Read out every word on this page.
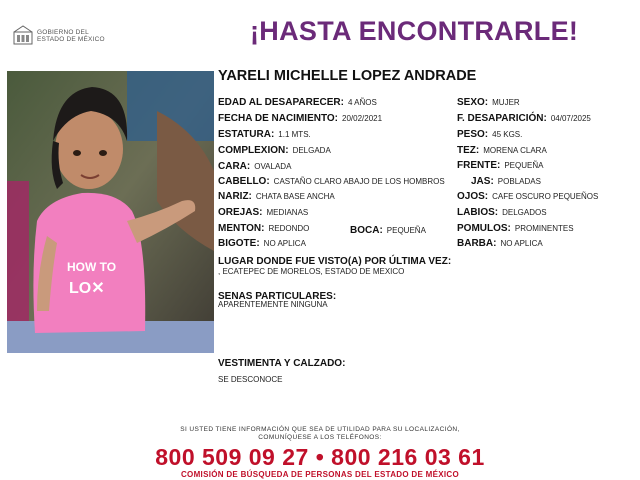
GOBIERNO DEL
ESTADO DE MÉXICO	¡HASTA ENCONTRARLE!
HOW TO
LO✕
YARELI MICHELLE LOPEZ ANDRADE
EDAD AL DESAPARECER: 4 AÑOS
FECHA DE NACIMIENTO: 20/02/2021
ESTATURA: 1.1 MTS.
COMPLEXION: DELGADA
CARA: OVALADA
CABELLO: CASTAÑO CLARO ABAJO DE LOS HOMBROS
NARIZ: CHATA BASE ANCHA
OREJAS: MEDIANAS
MENTON: REDONDO	BOCA: PEQUEÑA
BIGOTE: NO APLICA
SEXO: MUJER
F. DESAPARICIÓN: 04/07/2025
PESO: 45 KGS.
TEZ: MORENA CLARA
FRENTE: PEQUEÑA
JAS: POBLADAS
OJOS: CAFE OSCURO PEQUEÑOS
LABIOS: DELGADOS
POMULOS: PROMINENTES
BARBA: NO APLICA
LUGAR DONDE FUE VISTO(A) POR ÚLTIMA VEZ:
, ECATEPEC DE MORELOS, ESTADO DE MEXICO
SENAS PARTICULARES:
APARENTEMENTE NINGUNA
VESTIMENTA Y CALZADO:
SE DESCONOCE
SI USTED TIENE INFORMACIÓN QUE SEA DE UTILIDAD PARA SU LOCALIZACIÓN,
COMUNÍQUESE A LOS TELÉFONOS:
800 509 09 27 • 800 216 03 61
COMISIÓN DE BÚSQUEDA DE PERSONAS DEL ESTADO DE MÉXICO
